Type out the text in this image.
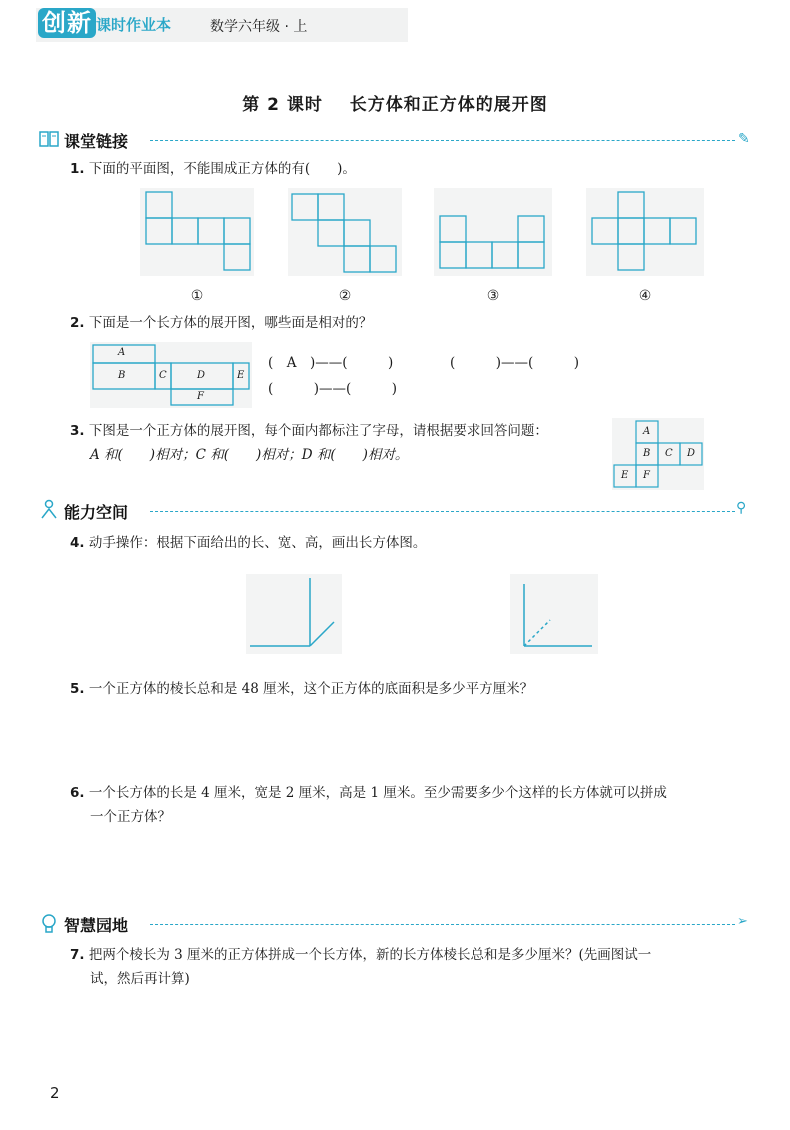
创新 课时作业本	数学六年级 · 上
第 2 课时 长方体和正方体的展开图
课堂链接	✎
1. 下面的平面图，不能围成正方体的有(　　)。
①	②	③	④
2. 下面是一个长方体的展开图，哪些面是相对的？
A
B	C	D	E
F
(　A　)——(　　　)	(　　　)——(　　　)
(　　　)——(　　　)
3. 下图是一个正方体的展开图，每个面内都标注了字母，请根据要求回答问题：
A 和(　　)相对；C 和(　　)相对；D 和(　　)相对。
A
B C D
E F
能力空间	⚲
4. 动手操作：根据下面给出的长、宽、高，画出长方体图。
5. 一个正方体的棱长总和是 48 厘米，这个正方体的底面积是多少平方厘米？
6. 一个长方体的长是 4 厘米，宽是 2 厘米，高是 1 厘米。至少需要多少个这样的长方体就可以拼成
一个正方体？
智慧园地	➢
7. 把两个棱长为 3 厘米的正方体拼成一个长方体，新的长方体棱长总和是多少厘米？(先画图试一
试，然后再计算)
2
